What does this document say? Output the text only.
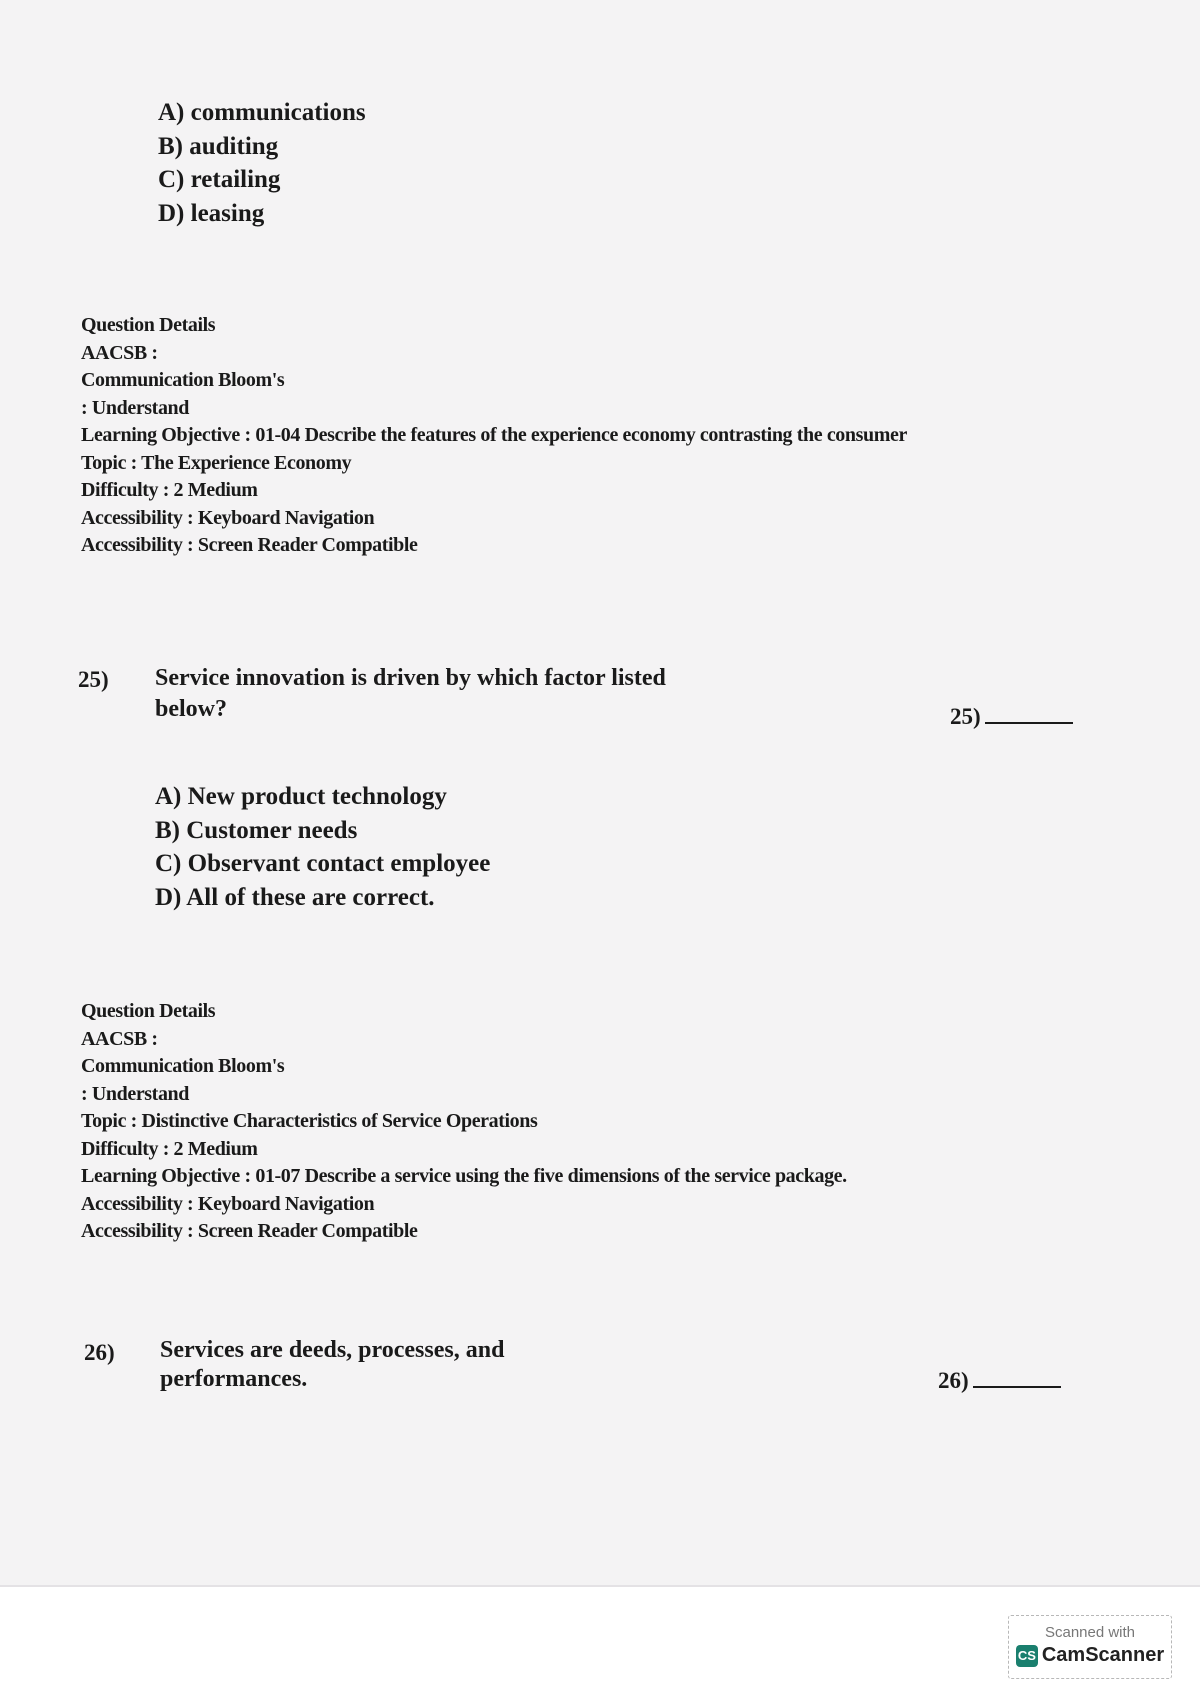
A) communications
B) auditing
C) retailing
D) leasing
Question Details
AACSB :
Communication Bloom's
: Understand
Learning Objective : 01-04 Describe the features of the experience economy contrasting the consumer
Topic : The Experience Economy
Difficulty : 2 Medium
Accessibility : Keyboard Navigation
Accessibility : Screen Reader Compatible
25) Service innovation is driven by which factor listed
below?	25)
A) New product technology
B) Customer needs
C) Observant contact employee
D) All of these are correct.
Question Details
AACSB :
Communication Bloom's
: Understand
Topic : Distinctive Characteristics of Service Operations
Difficulty : 2 Medium
Learning Objective : 01-07 Describe a service using the five dimensions of the service package.
Accessibility : Keyboard Navigation
Accessibility : Screen Reader Compatible
26) Services are deeds, processes, and
performances.	26)
Scanned with
CS CamScanner
